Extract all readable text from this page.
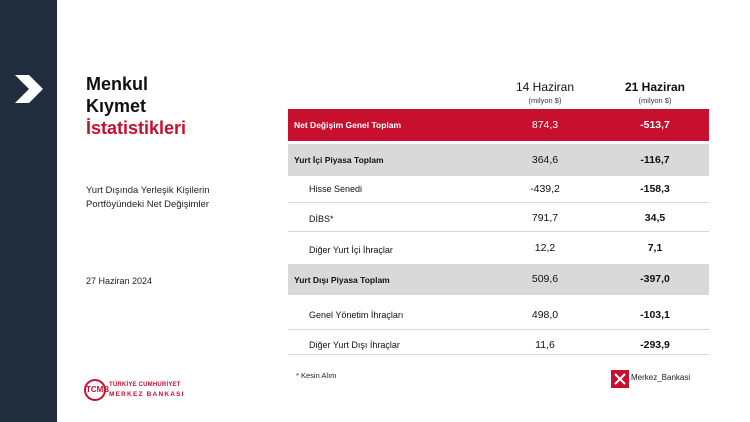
Menkul
Kıymet
İstatistikleri
Yurt Dışında Yerleşik Kişilerin
Portföyündeki Net Değişimler
27 Haziran 2024
TCMB TÜRKİYE CUMHURİYET
MERKEZ BANKASI
14 Haziran
(milyon $)
21 Haziran
(milyon $)
Net Değişim Genel Toplam	874,3	-513,7
Yurt İçi Piyasa Toplam	364,6	-116,7
Hisse Senedi	-439,2	-158,3
DİBS*	791,7	34,5
Diğer Yurt İçi İhraçlar	12,2	7,1
Yurt Dışı Piyasa Toplam	509,6	-397,0
Genel Yönetim İhraçları	498,0	-103,1
Diğer Yurt Dışı İhraçlar	11,6	-293,9
* Kesin Alım	Merkez_Bankasi
